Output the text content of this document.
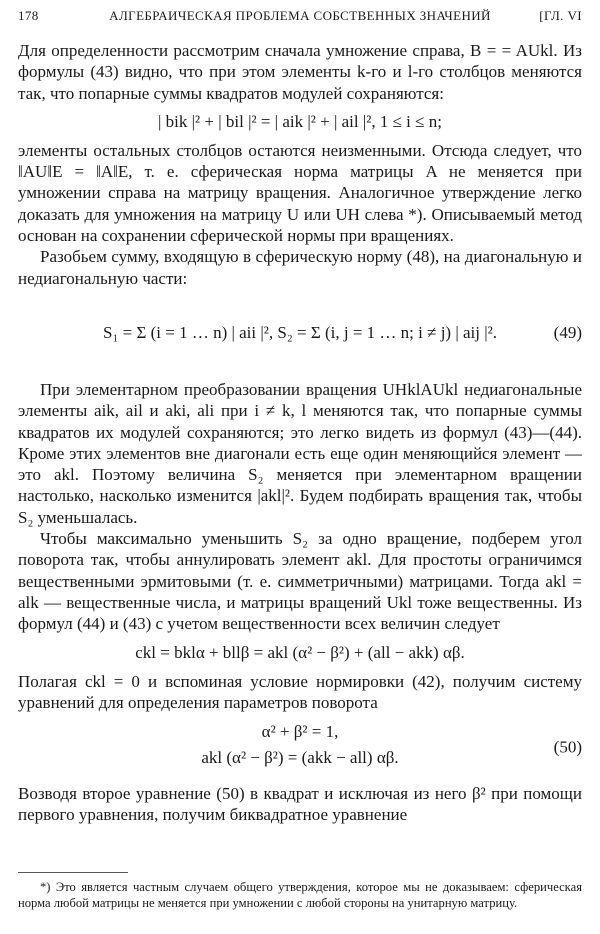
178	АЛГЕБРАИЧЕСКАЯ ПРОБЛЕМА СОБСТВЕННЫХ ЗНАЧЕНИЙ	[ГЛ. VI

Для определенности рассмотрим сначала умножение справа, B = = AUkl. Из формулы (43) видно, что при этом элементы k-го и l-го столбцов меняются так, что попарные суммы квадратов модулей сохраняются:

| bik |² + | bil |² = | aik |² + | ail |², 1 ≤ i ≤ n;

элементы остальных столбцов остаются неизменными. Отсюда следует, что ‖AU‖E = ‖A‖E, т. е. сферическая норма матрицы A не меняется при умножении справа на матрицу вращения. Аналогичное утверждение легко доказать для умножения на матрицу U или UH слева *). Описываемый метод основан на сохранении сферической нормы при вращениях.

Разобьем сумму, входящую в сферическую норму (48), на диагональную и недиагональную части:

S₁ = Σ (i = 1 … n) | aii |², S₂ = Σ (i, j = 1 … n; i ≠ j) | aij |².	(49)

При элементарном преобразовании вращения UHklAUkl недиагональные элементы aik, ail и aki, ali при i ≠ k, l меняются так, что попарные суммы квадратов их модулей сохраняются; это легко видеть из формул (43)—(44). Кроме этих элементов вне диагонали есть еще один меняющийся элемент — это akl. Поэтому величина S₂ меняется при элементарном вращении настолько, насколько изменится |akl|². Будем подбирать вращения так, чтобы S₂ уменьшалась.

Чтобы максимально уменьшить S₂ за одно вращение, подберем угол поворота так, чтобы аннулировать элемент akl. Для простоты ограничимся вещественными эрмитовыми (т. е. симметричными) матрицами. Тогда akl = alk — вещественные числа, и матрицы вращений Ukl тоже вещественны. Из формул (44) и (43) с учетом вещественности всех величин следует

ckl = bklα + bllβ = akl (α² − β²) + (all − akk) αβ.

Полагая ckl = 0 и вспоминая условие нормировки (42), получим систему уравнений для определения параметров поворота

α² + β² = 1,
akl (α² − β²) = (akk − all) αβ.
(50)

Возводя второе уравнение (50) в квадрат и исключая из него β² при помощи первого уравнения, получим биквадратное уравнение

*) Это является частным случаем общего утверждения, которое мы не доказываем: сферическая норма любой матрицы не меняется при умножении с любой стороны на унитарную матрицу.
